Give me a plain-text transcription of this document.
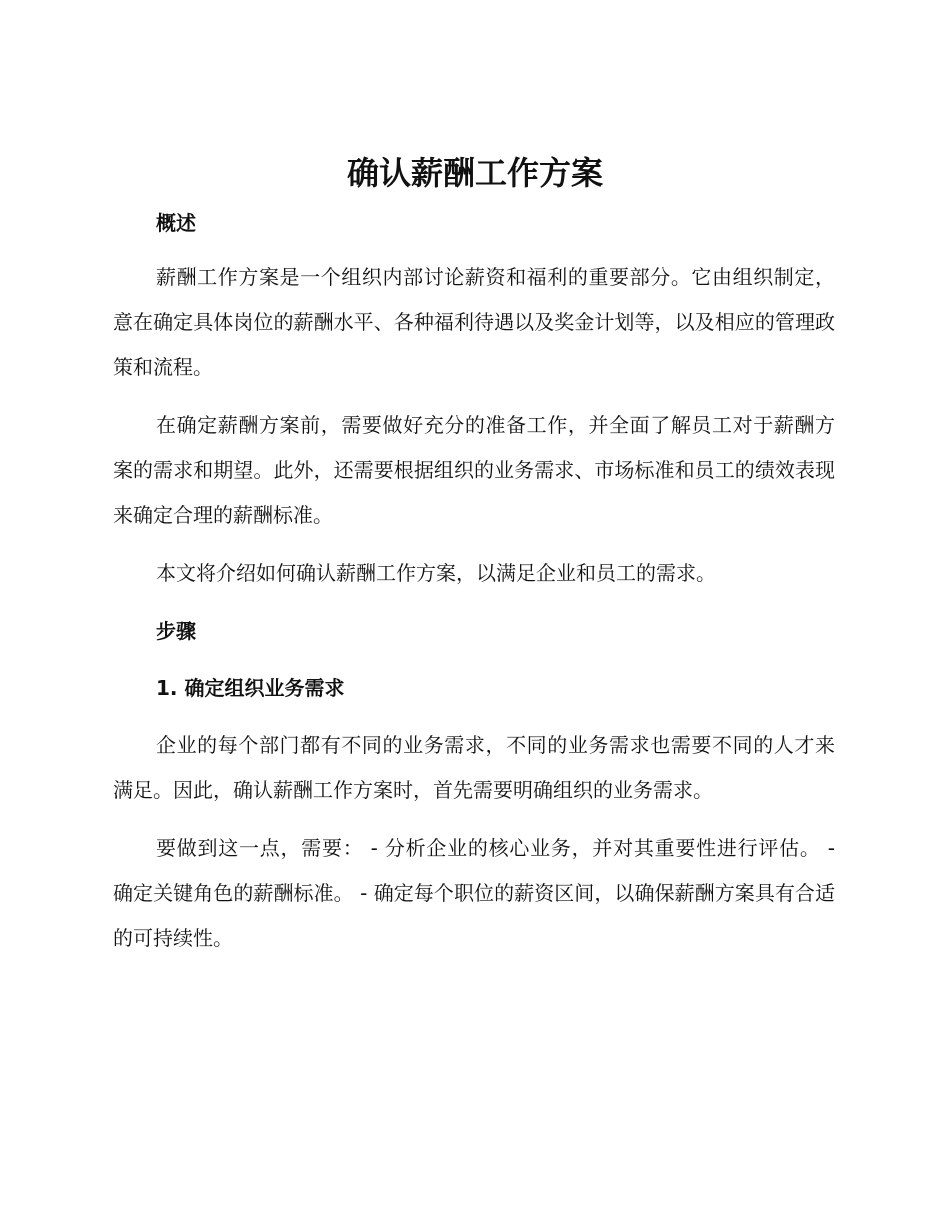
确认薪酬工作方案
概述

薪酬工作方案是一个组织内部讨论薪资和福利的重要部分。它由组织制定，意在确定具体岗位的薪酬水平、各种福利待遇以及奖金计划等，以及相应的管理政策和流程。

在确定薪酬方案前，需要做好充分的准备工作，并全面了解员工对于薪酬方案的需求和期望。此外，还需要根据组织的业务需求、市场标准和员工的绩效表现来确定合理的薪酬标准。

本文将介绍如何确认薪酬工作方案，以满足企业和员工的需求。

步骤
1. 确定组织业务需求

企业的每个部门都有不同的业务需求，不同的业务需求也需要不同的人才来满足。因此，确认薪酬工作方案时，首先需要明确组织的业务需求。

要做到这一点，需要： - 分析企业的核心业务，并对其重要性进行评估。 - 确定关键角色的薪酬标准。 - 确定每个职位的薪资区间，以确保薪酬方案具有合适的可持续性。
